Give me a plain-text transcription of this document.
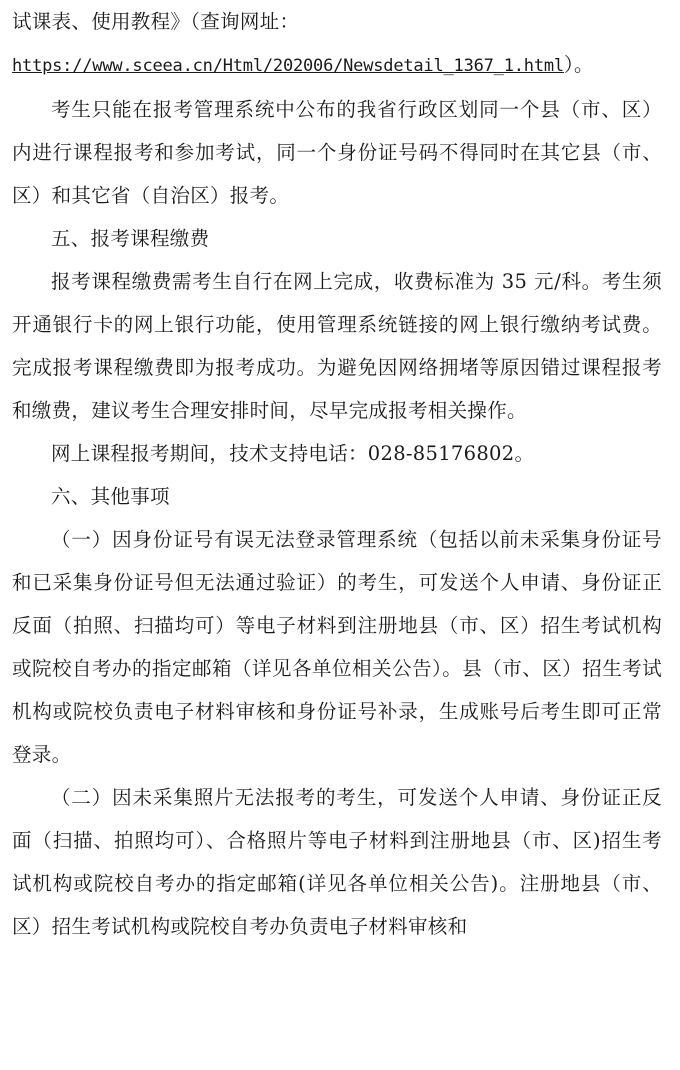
试课表、使用教程》（查询网址：

https://www.sceea.cn/Html/202006/Newsdetail_1367_1.html）。

考生只能在报考管理系统中公布的我省行政区划同一个县（市、区）内进行课程报考和参加考试，同一个身份证号码不得同时在其它县（市、区）和其它省（自治区）报考。

五、报考课程缴费

报考课程缴费需考生自行在网上完成，收费标准为 35 元/科。考生须开通银行卡的网上银行功能，使用管理系统链接的网上银行缴纳考试费。完成报考课程缴费即为报考成功。为避免因网络拥堵等原因错过课程报考和缴费，建议考生合理安排时间，尽早完成报考相关操作。

网上课程报考期间，技术支持电话：028-85176802。

六、其他事项

（一）因身份证号有误无法登录管理系统（包括以前未采集身份证号和已采集身份证号但无法通过验证）的考生，可发送个人申请、身份证正反面（拍照、扫描均可）等电子材料到注册地县（市、区）招生考试机构或院校自考办的指定邮箱（详见各单位相关公告）。县（市、区）招生考试机构或院校负责电子材料审核和身份证号补录，生成账号后考生即可正常登录。

（二）因未采集照片无法报考的考生，可发送个人申请、身份证正反面（扫描、拍照均可）、合格照片等电子材料到注册地县（市、区)招生考试机构或院校自考办的指定邮箱(详见各单位相关公告)。注册地县（市、区）招生考试机构或院校自考办负责电子材料审核和
